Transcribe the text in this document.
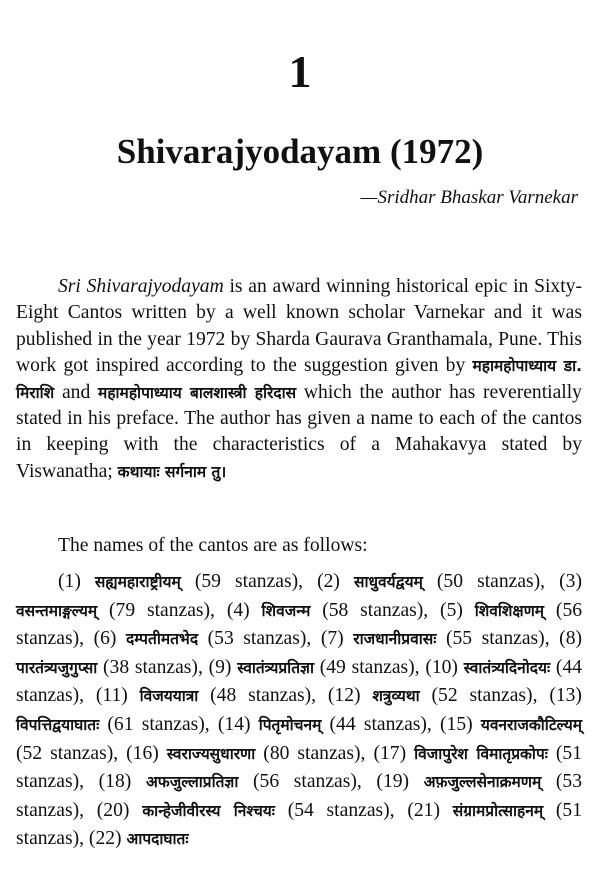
1
Shivarajyodayam (1972)
—Sridhar Bhaskar Varnekar

Sri Shivarajyodayam is an award winning historical epic in Sixty-Eight Cantos written by a well known scholar Varnekar and it was published in the year 1972 by Sharda Gaurava Granthamala, Pune. This work got inspired according to the suggestion given by महामहोपाध्याय डा. मिराशि and महामहोपाध्याय बालशास्त्री हरिदास which the author has reverentially stated in his preface. The author has given a name to each of the cantos in keeping with the characteristics of a Mahakavya stated by Viswanatha; कथायाः सर्गनाम तु।

The names of the cantos are as follows:

(1) सह्यमहाराष्ट्रीयम् (59 stanzas), (2) साधुवर्यद्वयम् (50 stanzas), (3) वसन्तमाङ्गल्यम् (79 stanzas), (4) शिवजन्म (58 stanzas), (5) शिवशिक्षणम् (56 stanzas), (6) दम्पतीमतभेद (53 stanzas), (7) राजधानीप्रवासः (55 stanzas), (8) पारतंत्र्यजुगुप्सा (38 stanzas), (9) स्वातंत्र्यप्रतिज्ञा (49 stanzas), (10) स्वातंत्र्यदिनोदयः (44 stanzas), (11) विजययात्रा (48 stanzas), (12) शत्रुव्यथा (52 stanzas), (13) विपत्तिद्वयाघातः (61 stanzas), (14) पितृमोचनम् (44 stanzas), (15) यवनराजकौटिल्यम् (52 stanzas), (16) स्वराज्यसुधारणा (80 stanzas), (17) विजापुरेश विमातृप्रकोपः (51 stanzas), (18) अफजुल्लाप्रतिज्ञा (56 stanzas), (19) अफ़जुल्लसेनाक्रमणम् (53 stanzas), (20) कान्हेजीवीरस्य निश्चयः (54 stanzas), (21) संग्रामप्रोत्साहनम् (51 stanzas), (22) आपदाघातः
